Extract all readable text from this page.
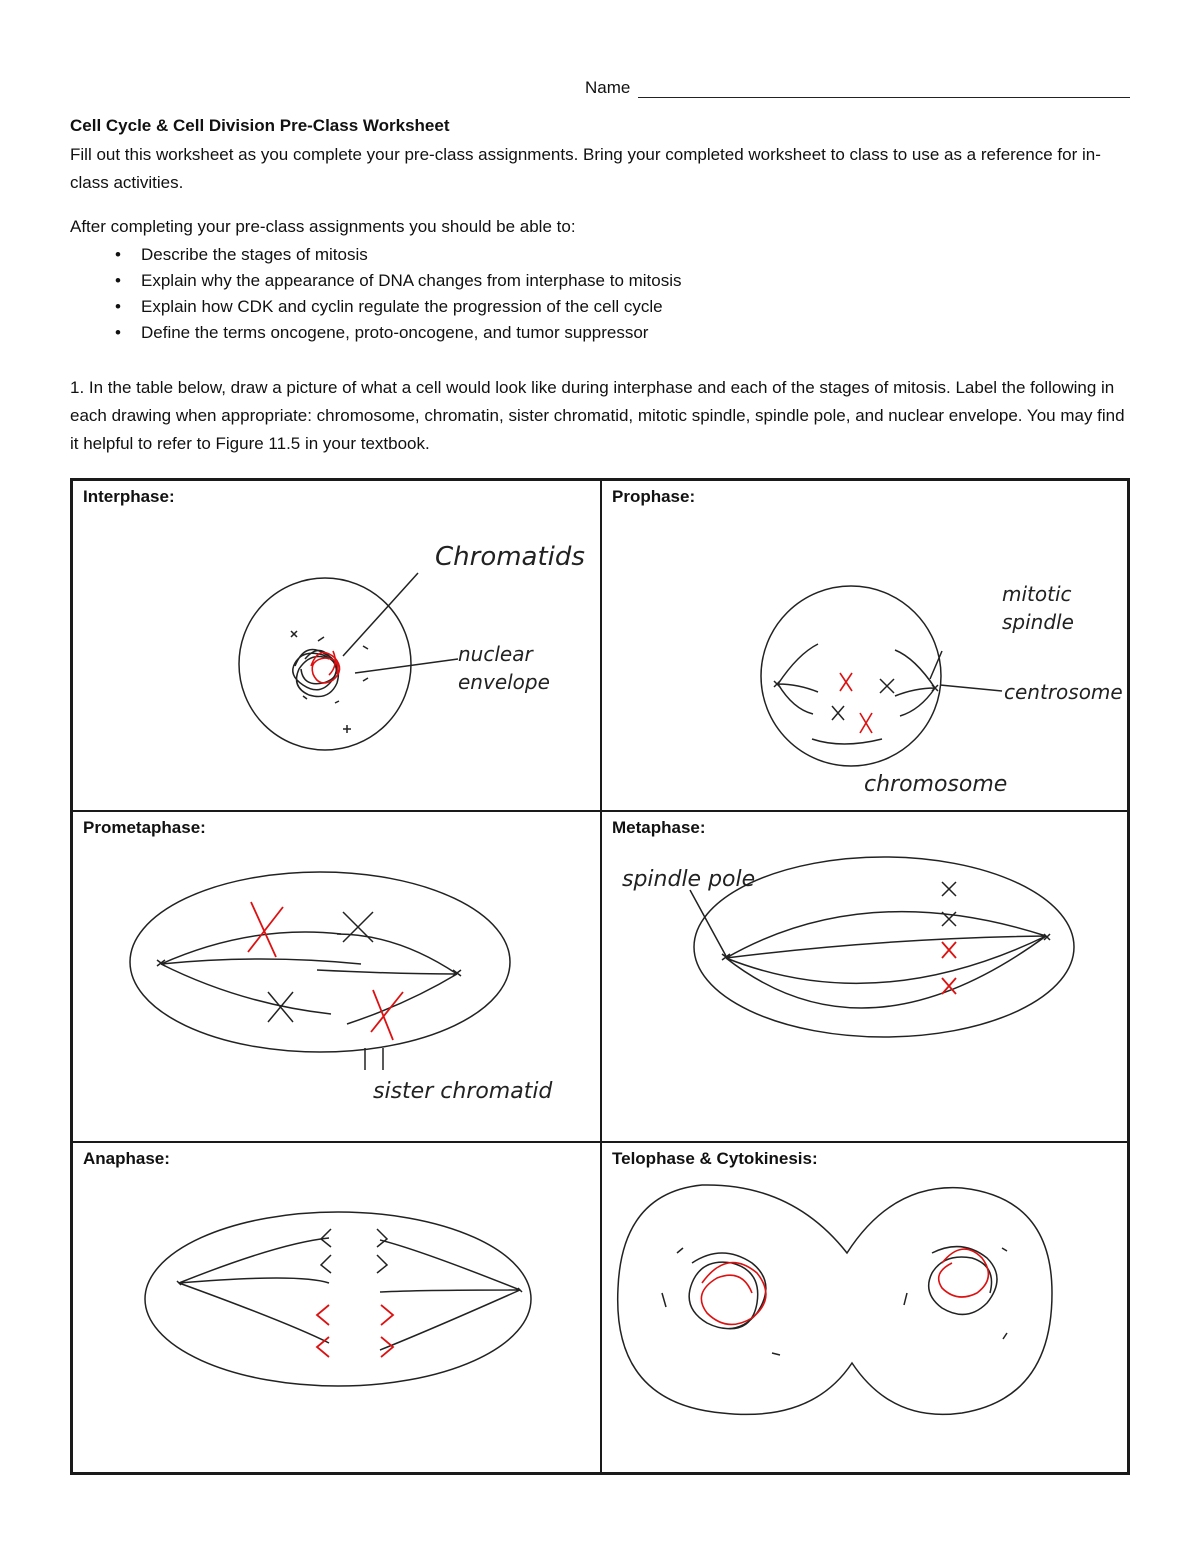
Name
Cell Cycle & Cell Division Pre-Class Worksheet
Fill out this worksheet as you complete your pre-class assignments. Bring your completed worksheet to class to use as a reference for in-class activities.
After completing your pre-class assignments you should be able to:
• Describe the stages of mitosis
• Explain why the appearance of DNA changes from interphase to mitosis
• Explain how CDK and cyclin regulate the progression of the cell cycle
• Define the terms oncogene, proto-oncogene, and tumor suppressor
1. In the table below, draw a picture of what a cell would look like during interphase and each of the stages of mitosis. Label the following in each drawing when appropriate: chromosome, chromatin, sister chromatid, mitotic spindle, spindle pole, and nuclear envelope. You may find it helpful to refer to Figure 11.5 in your textbook.
Interphase:
Chromatids
nuclear
envelope
Prophase:
mitotic
spindle
centrosome
chromosome
Prometaphase:
sister chromatid
Metaphase:
spindle pole
Anaphase:	Telophase & Cytokinesis:
